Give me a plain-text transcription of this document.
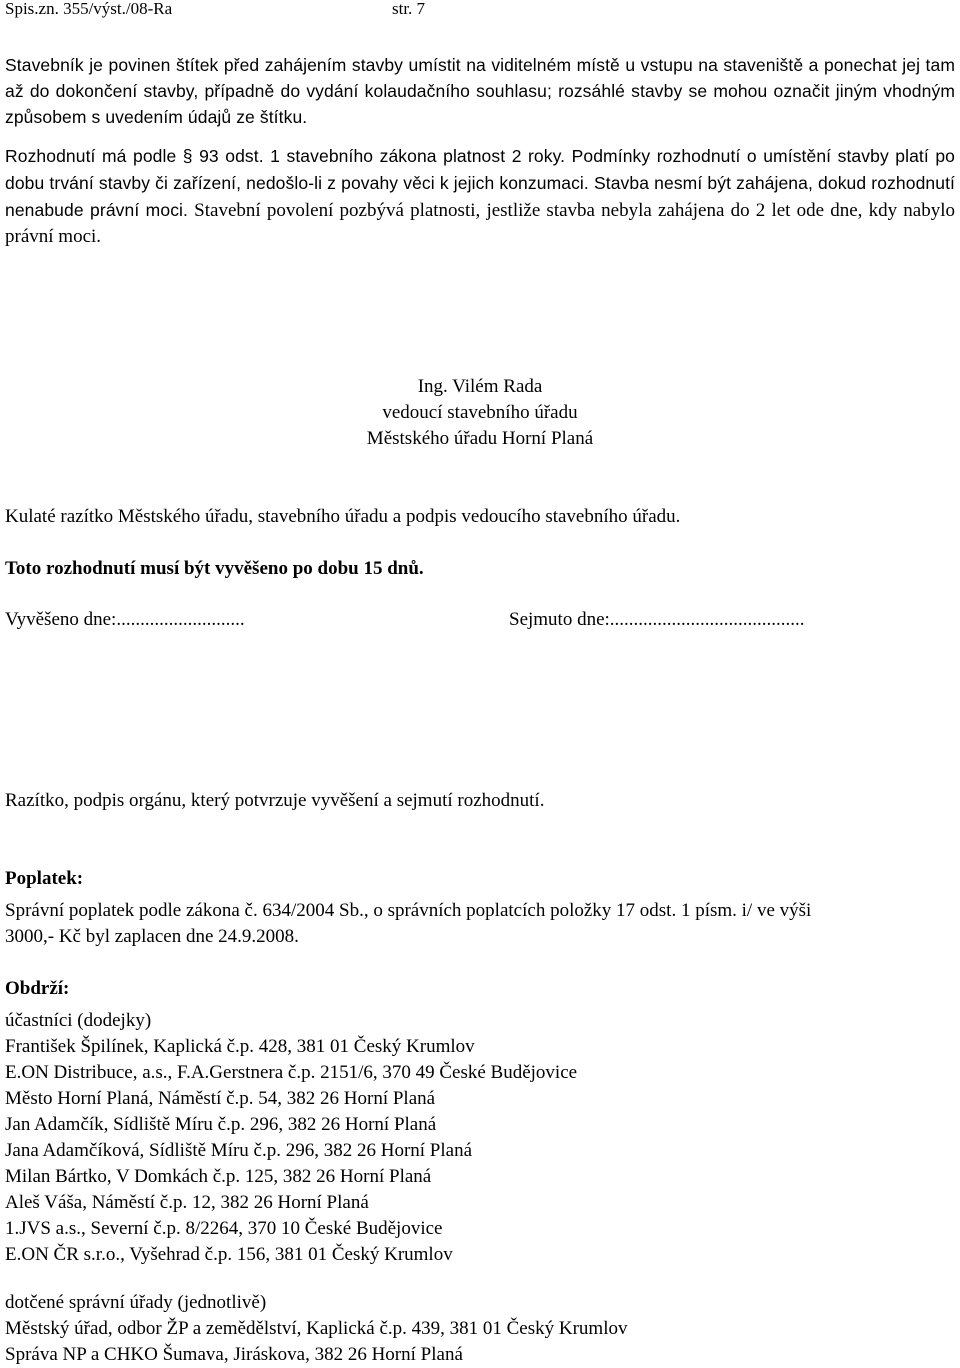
Spis.zn. 355/výst./08-Ra	str. 7

Stavebník je povinen štítek před zahájením stavby umístit na viditelném místě u vstupu na staveniště a ponechat jej tam až do dokončení stavby, případně do vydání kolaudačního souhlasu; rozsáhlé stavby se mohou označit jiným vhodným způsobem s uvedením údajů ze štítku.

Rozhodnutí má podle § 93 odst. 1 stavebního zákona platnost 2 roky. Podmínky rozhodnutí o umístění stavby platí po dobu trvání stavby či zařízení, nedošlo-li z povahy věci k jejich konzumaci. Stavba nesmí být zahájena, dokud rozhodnutí nenabude právní moci. Stavební povolení pozbývá platnosti, jestliže stavba nebyla zahájena do 2 let ode dne, kdy nabylo právní moci.

Ing. Vilém Rada
vedoucí stavebního úřadu
Městského úřadu Horní Planá
Kulaté razítko Městského úřadu, stavebního úřadu a podpis vedoucího stavebního úřadu.
Toto rozhodnutí musí být vyvěšeno po dobu 15 dnů.
Vyvěšeno dne:...........................	Sejmuto dne:.........................................
Razítko, podpis orgánu, který potvrzuje vyvěšení a sejmutí rozhodnutí.
Poplatek:
Správní poplatek podle zákona č. 634/2004 Sb., o správních poplatcích položky 17 odst. 1 písm. i/ ve výši
3000,- Kč byl zaplacen dne 24.9.2008.
Obdrží:
účastníci (dodejky)
František Špilínek, Kaplická č.p. 428, 381 01 Český Krumlov
E.ON Distribuce, a.s., F.A.Gerstnera č.p. 2151/6, 370 49 České Budějovice
Město Horní Planá, Náměstí č.p. 54, 382 26 Horní Planá
Jan Adamčík, Sídliště Míru č.p. 296, 382 26 Horní Planá
Jana Adamčíková, Sídliště Míru č.p. 296, 382 26 Horní Planá
Milan Bártko, V Domkách č.p. 125, 382 26 Horní Planá
Aleš Váša, Náměstí č.p. 12, 382 26 Horní Planá
1.JVS a.s., Severní č.p. 8/2264, 370 10 České Budějovice
E.ON ČR s.r.o., Vyšehrad č.p. 156, 381 01 Český Krumlov
dotčené správní úřady (jednotlivě)
Městský úřad, odbor ŽP a zemědělství, Kaplická č.p. 439, 381 01 Český Krumlov
Správa NP a CHKO Šumava, Jiráskova, 382 26 Horní Planá
